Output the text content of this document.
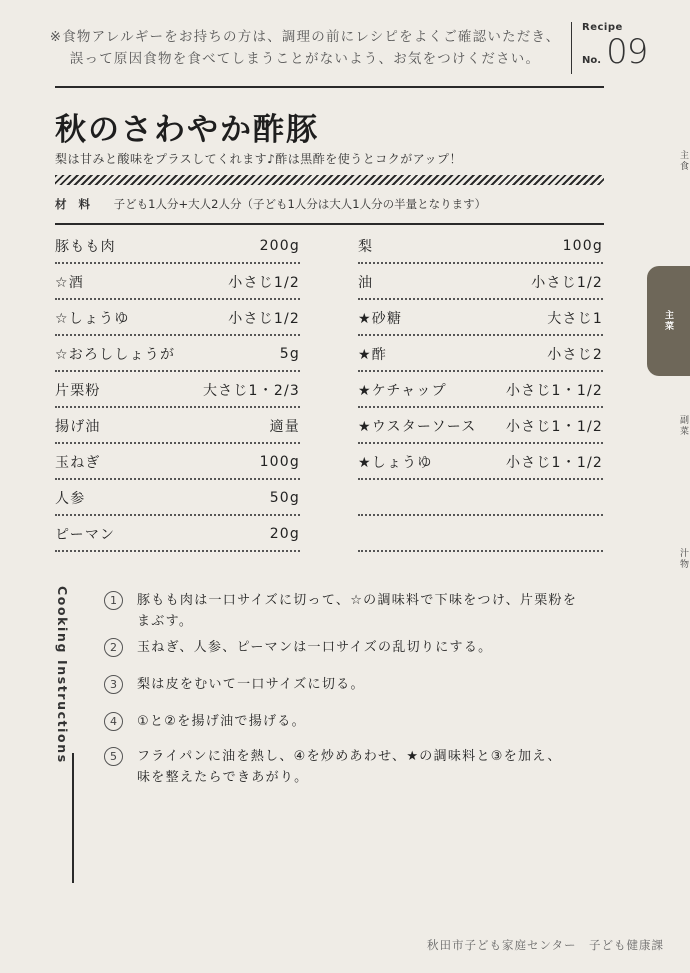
※食物アレルギーをお持ちの方は、調理の前にレシピをよくご確認いただき、
誤って原因食物を食べてしまうことがないよう、お気をつけください。
Recipe
No. 09
秋のさわやか酢豚
梨は甘みと酸味をプラスしてくれます♪酢は黒酢を使うとコクがアップ！
材 料 子ども1人分+大人2人分（子ども1人分は大人1人分の半量となります）
豚もも肉	200g
☆酒	小さじ1/2
☆しょうゆ	小さじ1/2
☆おろししょうが	5g
片栗粉	大さじ1・2/3
揚げ油	適量
玉ねぎ	100g
人参	50g
ピーマン	20g
梨	100g
油	小さじ1/2
★砂糖	大さじ1
★酢	小さじ2
★ケチャップ	小さじ1・1/2
★ウスターソース 小さじ1・1/2
★しょうゆ	小さじ1・1/2
Cooking Instructions	1	豚もも肉は一口サイズに切って、☆の調味料で下味をつけ、片栗粉を
まぶす。
2	玉ねぎ、人参、ピーマンは一口サイズの乱切りにする。
3	梨は皮をむいて一口サイズに切る。
4	①と②を揚げ油で揚げる。
5	フライパンに油を熱し、④を炒めあわせ、★の調味料と③を加え、
味を整えたらできあがり。
主食
主菜
副菜
汁物
秋田市子ども家庭センター　子ども健康課
